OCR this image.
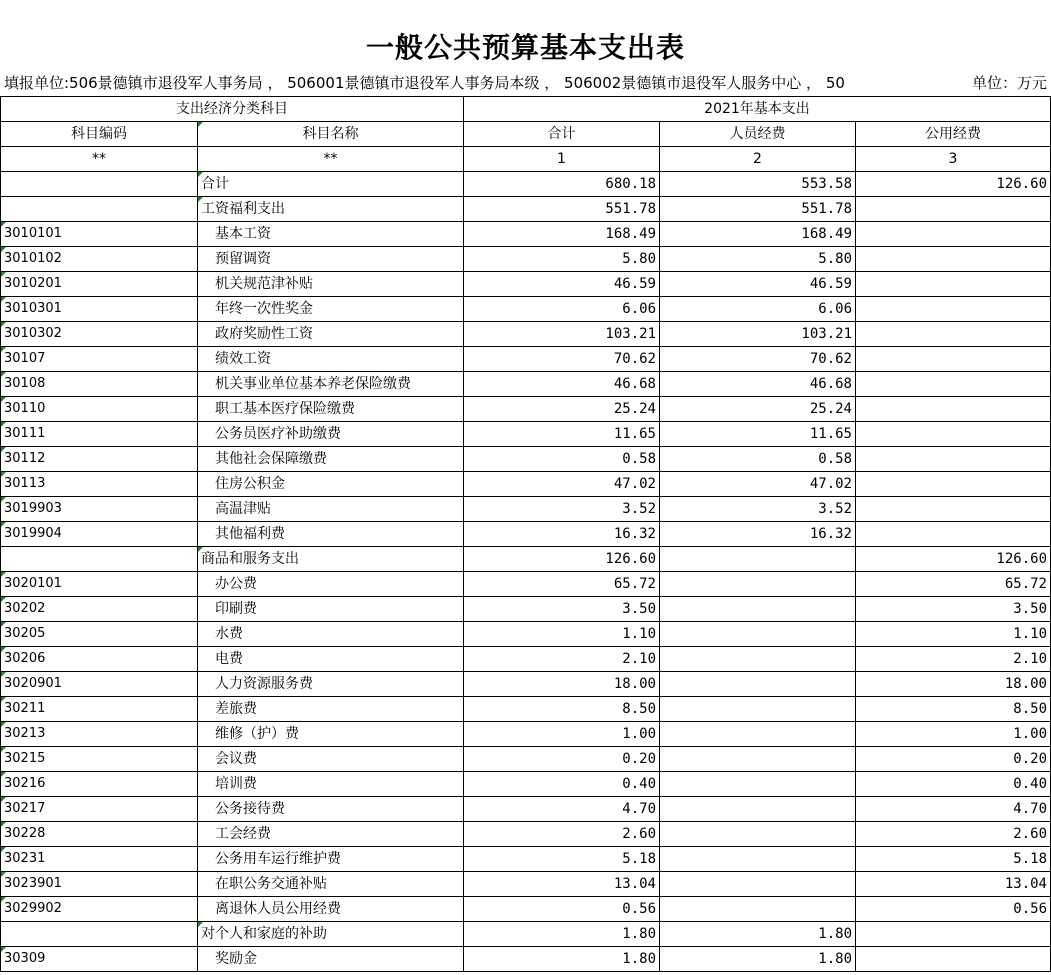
一般公共预算基本支出表
填报单位:506景德镇市退役军人事务局 ， 506001景德镇市退役军人事务局本级 ， 506002景德镇市退役军人服务中心 ， 50	单位：万元
支出经济分类科目		2021年基本支出		
科目编码	科目名称	合计	人员经费	公用经费
**	**	1	2	3
	合计	680.18	553.58	126.60
	工资福利支出	551.78	551.78	
3010101	基本工资	168.49	168.49	
3010102	预留调资	5.80	5.80	
3010201	机关规范津补贴	46.59	46.59	
3010301	年终一次性奖金	6.06	6.06	
3010302	政府奖励性工资	103.21	103.21	
30107	绩效工资	70.62	70.62	
30108	机关事业单位基本养老保险缴费	46.68	46.68	
30110	职工基本医疗保险缴费	25.24	25.24	
30111	公务员医疗补助缴费	11.65	11.65	
30112	其他社会保障缴费	0.58	0.58	
30113	住房公积金	47.02	47.02	
3019903	高温津贴	3.52	3.52	
3019904	其他福利费	16.32	16.32	
	商品和服务支出	126.60		126.60
3020101	办公费	65.72		65.72
30202	印刷费	3.50		3.50
30205	水费	1.10		1.10
30206	电费	2.10		2.10
3020901	人力资源服务费	18.00		18.00
30211	差旅费	8.50		8.50
30213	维修（护）费	1.00		1.00
30215	会议费	0.20		0.20
30216	培训费	0.40		0.40
30217	公务接待费	4.70		4.70
30228	工会经费	2.60		2.60
30231	公务用车运行维护费	5.18		5.18
3023901	在职公务交通补贴	13.04		13.04
3029902	离退休人员公用经费	0.56		0.56
	对个人和家庭的补助	1.80	1.80	
30309	奖励金	1.80	1.80	
